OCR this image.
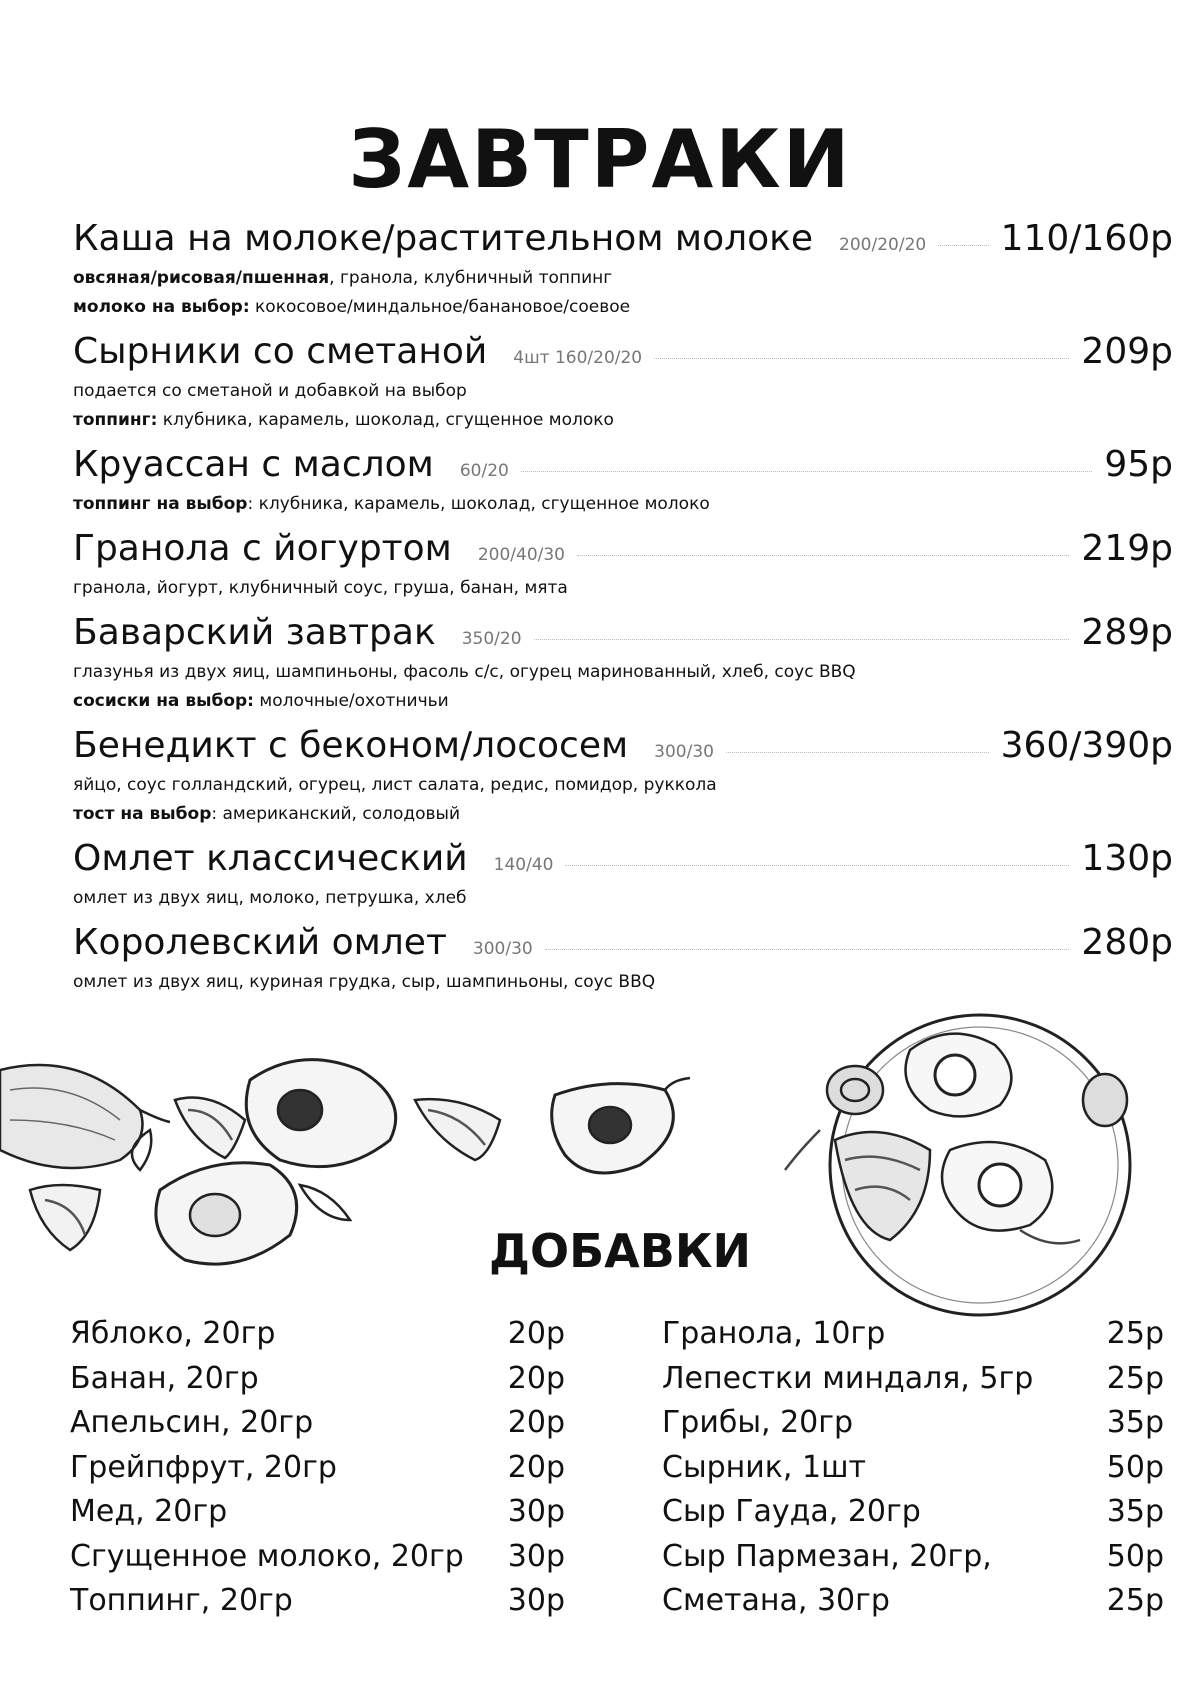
ЗАВТРАКИ
Каша на молоке/растительном молоке 200/20/20 110/160р
овсяная/рисовая/пшенная, гранола, клубничный топпинг
молоко на выбор: кокосовое/миндальное/банановое/соевое
Сырники со сметаной 4шт 160/20/20	209р
подается со сметаной и добавкой на выбор
топпинг: клубника, карамель, шоколад, сгущенное молоко
Круассан с маслом 60/20	95р
топпинг на выбор: клубника, карамель, шоколад, сгущенное молоко
Гранола с йогуртом 200/40/30	219р
гранола, йогурт, клубничный соус, груша, банан, мята
Баварский завтрак 350/20	289р
глазунья из двух яиц, шампиньоны, фасоль с/с, огурец маринованный, хлеб, соус BBQ
сосиски на выбор: молочные/охотничьи
Бенедикт с беконом/лососем 300/30	360/390р
яйцо, соус голландский, огурец, лист салата, редис, помидор, руккола
тост на выбор: американский, солодовый
Омлет классический 140/40	130р
омлет из двух яиц, молоко, петрушка, хлеб
Королевский омлет 300/30	280р
омлет из двух яиц, куриная грудка, сыр, шампиньоны, соус BBQ
ДОБАВКИ
Яблоко, 20гр	20р
Банан, 20гр	20р
Апельсин, 20гр	20р
Грейпфрут, 20гр	20р
Мед, 20гр	30р
Сгущенное молоко, 20гр 30р
Топпинг, 20гр	30р
Гранола, 10гр	25р
Лепестки миндаля, 5гр 25р
Грибы, 20гр	35р
Сырник, 1шт	50р
Сыр Гауда, 20гр	35р
Сыр Пармезан, 20гр,	50р
Сметана, 30гр	25р
